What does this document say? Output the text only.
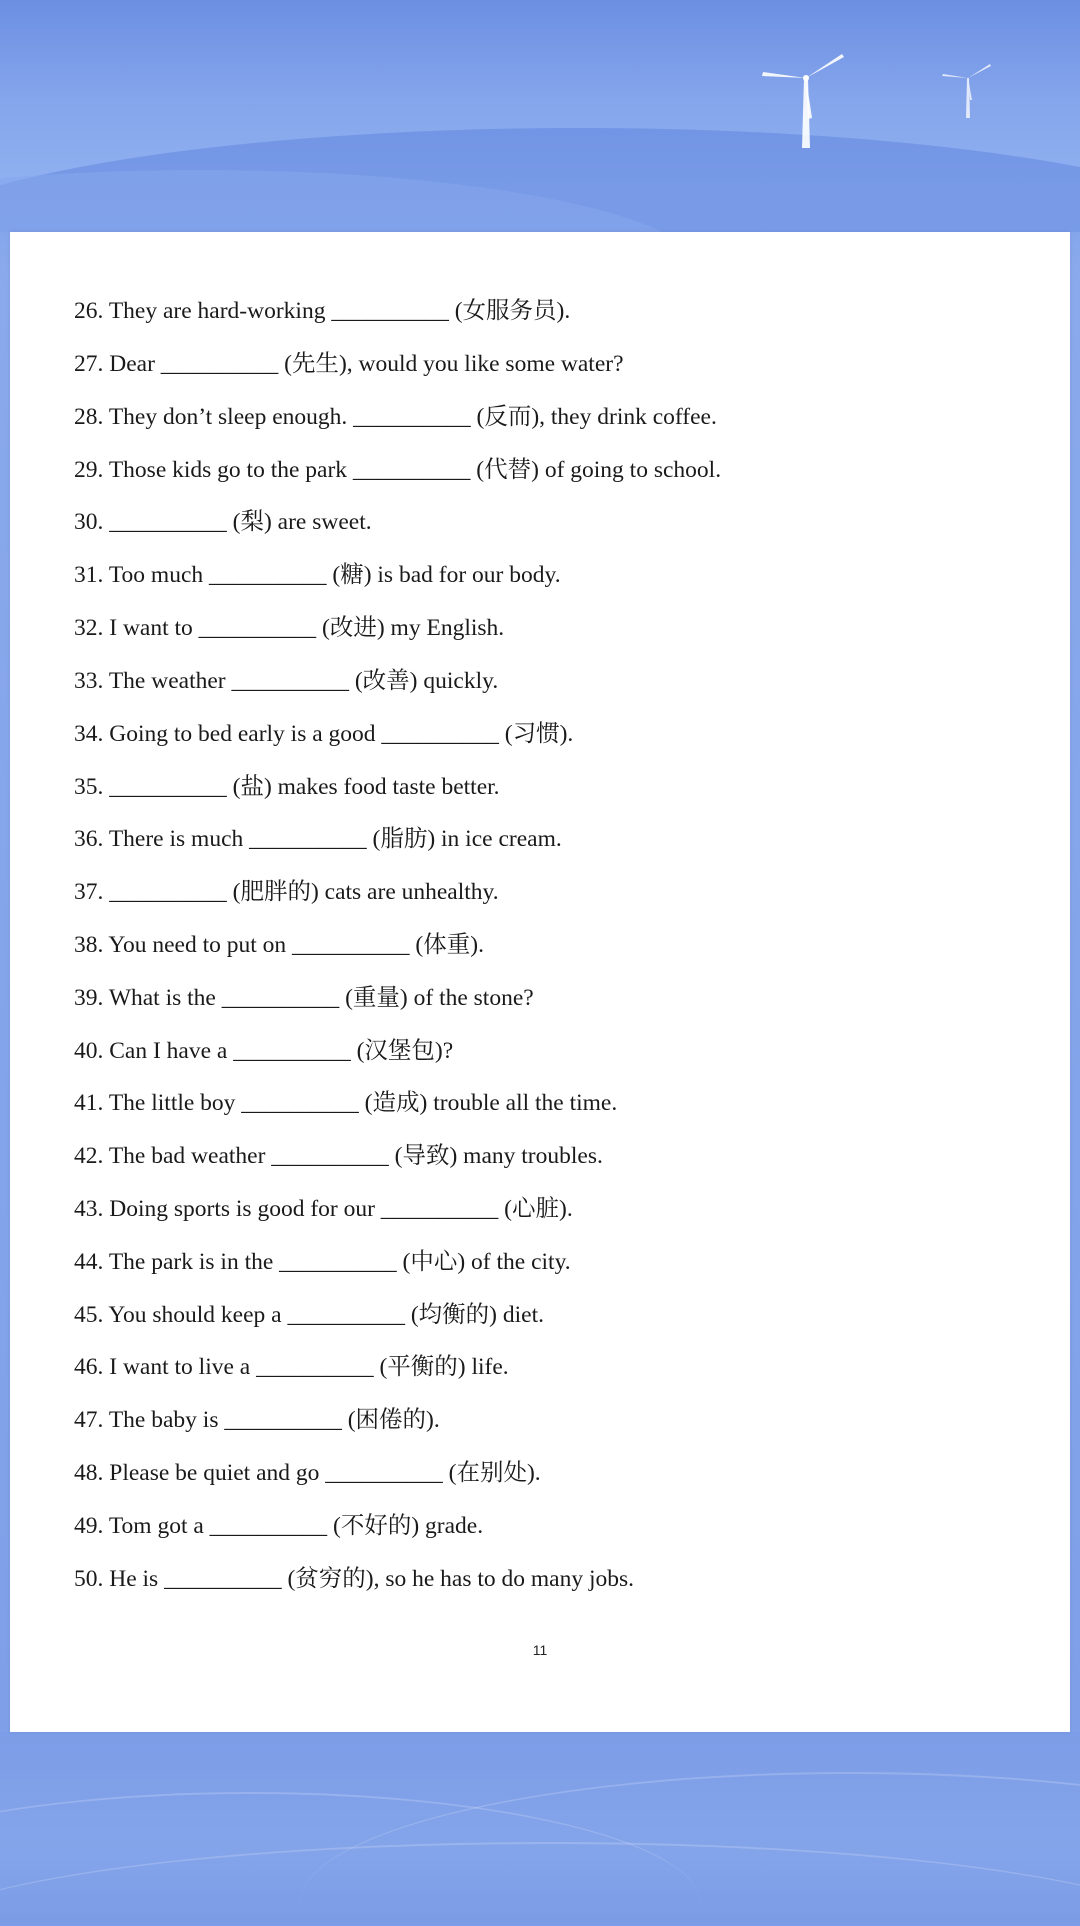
26. They are hard-working __________ (女服务员).
27. Dear __________ (先生), would you like some water?
28. They don’t sleep enough. __________ (反而), they drink coffee.
29. Those kids go to the park __________ (代替) of going to school.
30. __________ (梨) are sweet.
31. Too much __________ (糖) is bad for our body.
32. I want to __________ (改进) my English.
33. The weather __________ (改善) quickly.
34. Going to bed early is a good __________ (习惯).
35. __________ (盐) makes food taste better.
36. There is much __________ (脂肪) in ice cream.
37. __________ (肥胖的) cats are unhealthy.
38. You need to put on __________ (体重).
39. What is the __________ (重量) of the stone?
40. Can I have a __________ (汉堡包)?
41. The little boy __________ (造成) trouble all the time.
42. The bad weather __________ (导致) many troubles.
43. Doing sports is good for our __________ (心脏).
44. The park is in the __________ (中心) of the city.
45. You should keep a __________ (均衡的) diet.
46. I want to live a __________ (平衡的) life.
47. The baby is __________ (困倦的).
48. Please be quiet and go __________ (在别处).
49. Tom got a __________ (不好的) grade.
50. He is __________ (贫穷的), so he has to do many jobs.
11
